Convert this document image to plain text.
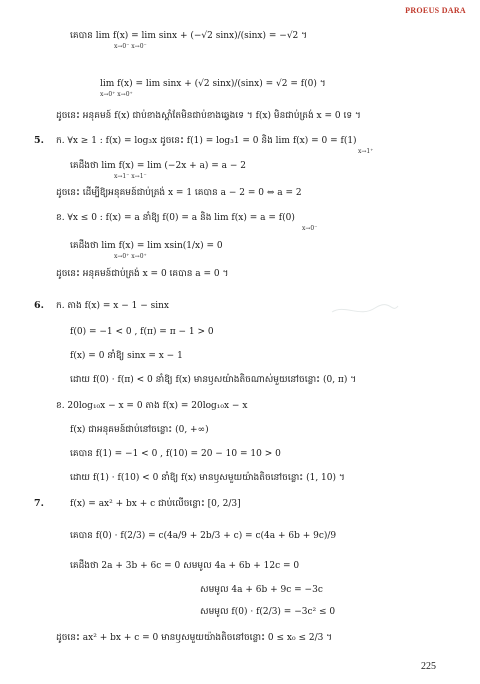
PROEUS DARA
គេបាន lim f(x) = lim sinx + (−√2 sinx)/(sinx) = −√2 ។
x→0⁻ x→0⁻
lim f(x) = lim sinx + (√2 sinx)/(sinx) = √2 = f(0) ។
x→0⁺ x→0⁺
ដូចនេះ អនុគមន៍ f(x) ជាប់ខាងស្ដាំតែមិនជាប់ខាងឆ្វេងទេ ។ f(x) មិនជាប់ត្រង់ x = 0 ទេ ។
5. ក. ∀x ≥ 1 : f(x) = log₃x ដូចនេះ f(1) = log₃1 = 0 និង lim f(x) = 0 = f(1)
x→1⁺
គេដឹងថា lim f(x) = lim (−2x + a) = a − 2
x→1⁻ x→1⁻
ដូចនេះ ដើម្បីឱ្យអនុគមន៍ជាប់ត្រង់ x = 1 គេបាន a − 2 = 0 ⇔ a = 2
ខ. ∀x ≤ 0 : f(x) = a នាំឱ្យ f(0) = a និង lim f(x) = a = f(0)
x→0⁻
គេដឹងថា lim f(x) = lim xsin(1/x) = 0
x→0⁺ x→0⁺
ដូចនេះ អនុគមន៍ជាប់ត្រង់ x = 0 គេបាន a = 0 ។
6. ក. តាង f(x) = x − 1 − sinx
f(0) = −1 < 0 , f(π) = π − 1 > 0
f(x) = 0 នាំឱ្យ sinx = x − 1
ដោយ f(0) · f(π) < 0 នាំឱ្យ f(x) មានឫសយ៉ាងតិចណាស់មួយនៅចន្លោះ (0, π) ។
ខ. 20log₁₀x − x = 0 តាង f(x) = 20log₁₀x − x
f(x) ជាអនុគមន៍ជាប់នៅចន្លោះ (0, +∞)
គេបាន f(1) = −1 < 0 , f(10) = 20 − 10 = 10 > 0
ដោយ f(1) · f(10) < 0 នាំឱ្យ f(x) មានឫសមួយយ៉ាងតិចនៅចន្លោះ (1, 10) ។
7.	f(x) = ax² + bx + c ជាប់លើចន្លោះ [0, 2/3]
គេបាន f(0) · f(2/3) = c(4a/9 + 2b/3 + c) = c(4a + 6b + 9c)/9
គេដឹងថា 2a + 3b + 6c = 0 សមមូល 4a + 6b + 12c = 0
សមមូល 4a + 6b + 9c = −3c
សមមូល f(0) · f(2/3) = −3c² ≤ 0
ដូចនេះ ax² + bx + c = 0 មានឫសមួយយ៉ាងតិចនៅចន្លោះ 0 ≤ x₀ ≤ 2/3 ។
225
